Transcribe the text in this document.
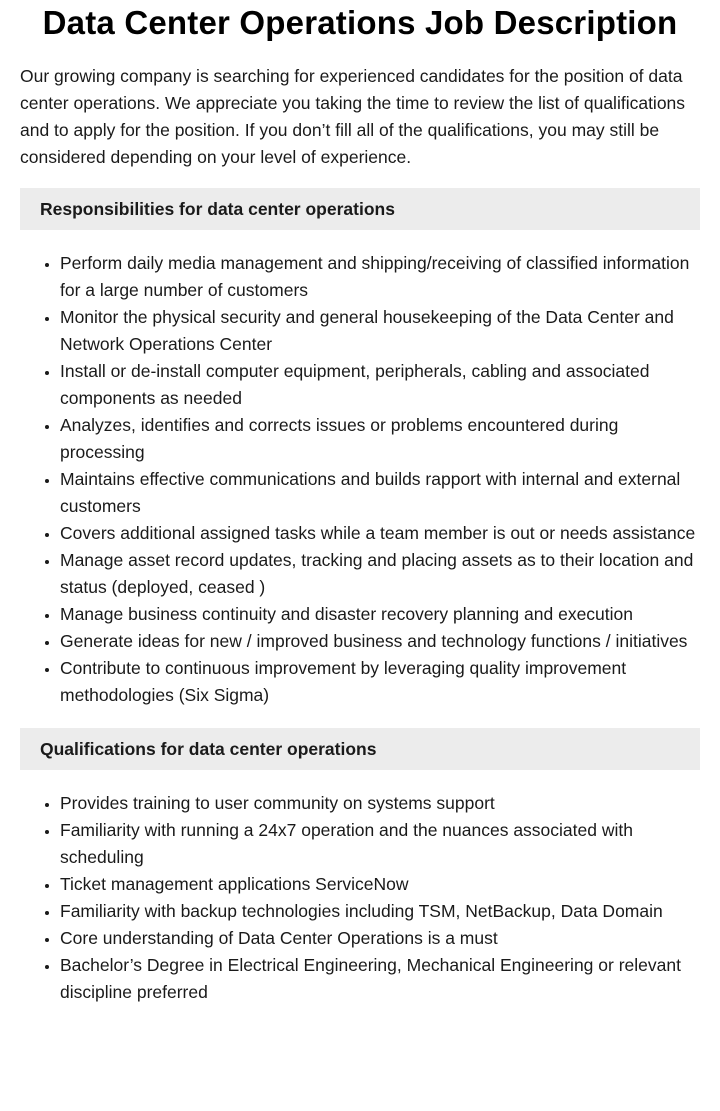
Data Center Operations Job Description

Our growing company is searching for experienced candidates for the position of data center operations. We appreciate you taking the time to review the list of qualifications and to apply for the position. If you don’t fill all of the qualifications, you may still be considered depending on your level of experience.

Responsibilities for data center operations
• Perform daily media management and shipping/receiving of classified information for a large number of customers
• Monitor the physical security and general housekeeping of the Data Center and Network Operations Center
• Install or de-install computer equipment, peripherals, cabling and associated components as needed
• Analyzes, identifies and corrects issues or problems encountered during processing
• Maintains effective communications and builds rapport with internal and external customers
• Covers additional assigned tasks while a team member is out or needs assistance
• Manage asset record updates, tracking and placing assets as to their location and status (deployed, ceased )
• Manage business continuity and disaster recovery planning and execution
• Generate ideas for new / improved business and technology functions / initiatives
• Contribute to continuous improvement by leveraging quality improvement methodologies (Six Sigma)
Qualifications for data center operations
• Provides training to user community on systems support
• Familiarity with running a 24x7 operation and the nuances associated with scheduling
• Ticket management applications ServiceNow
• Familiarity with backup technologies including TSM, NetBackup, Data Domain
• Core understanding of Data Center Operations is a must
• Bachelor’s Degree in Electrical Engineering, Mechanical Engineering or relevant discipline preferred
